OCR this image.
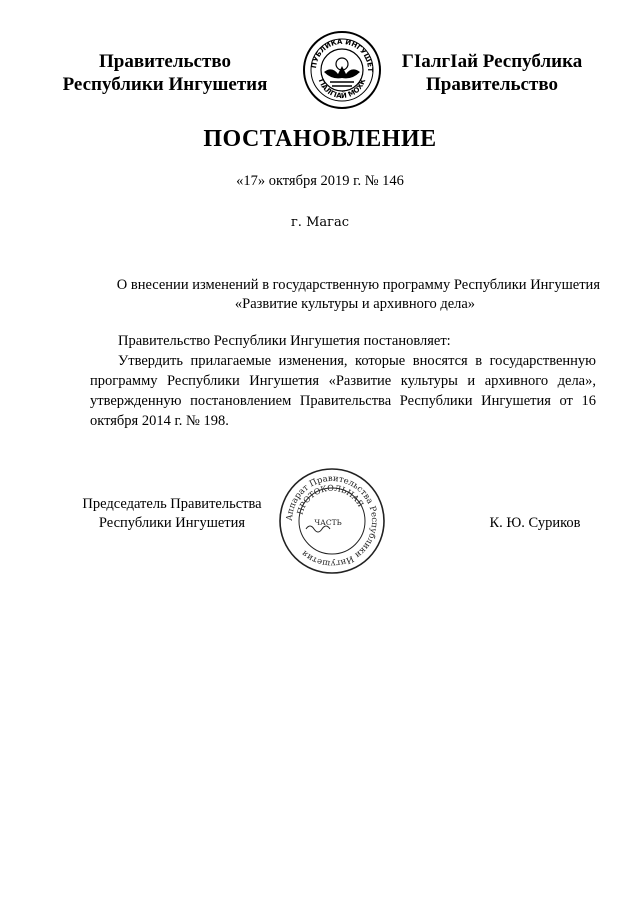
Правительство
Республики Ингушетия
ПУБЛИКА ИНГУШЕТ
ГIАЛГIАЙ МОХК
ГIалгIай Республика
Правительство
ПОСТАНОВЛЕНИЕ
«17» октября 2019 г. № 146
г. Магас
О внесении изменений в государственную программу Республики Ингушетия
«Развитие культуры и архивного дела»
Правительство Республики Ингушетия постановляет:
Утвердить прилагаемые изменения, которые вносятся в государственную программу Республики Ингушетия «Развитие культуры и архивного дела», утвержденную постановлением Правительства Республики Ингушетия от 16 октября 2014 г. № 198.
Председатель Правительства
Республики Ингушетия	Аппарат Правительства Республики Ингушетия
ПРОТОКОЛЬНАЯ
ЧАСТЬ	К. Ю. Суриков
